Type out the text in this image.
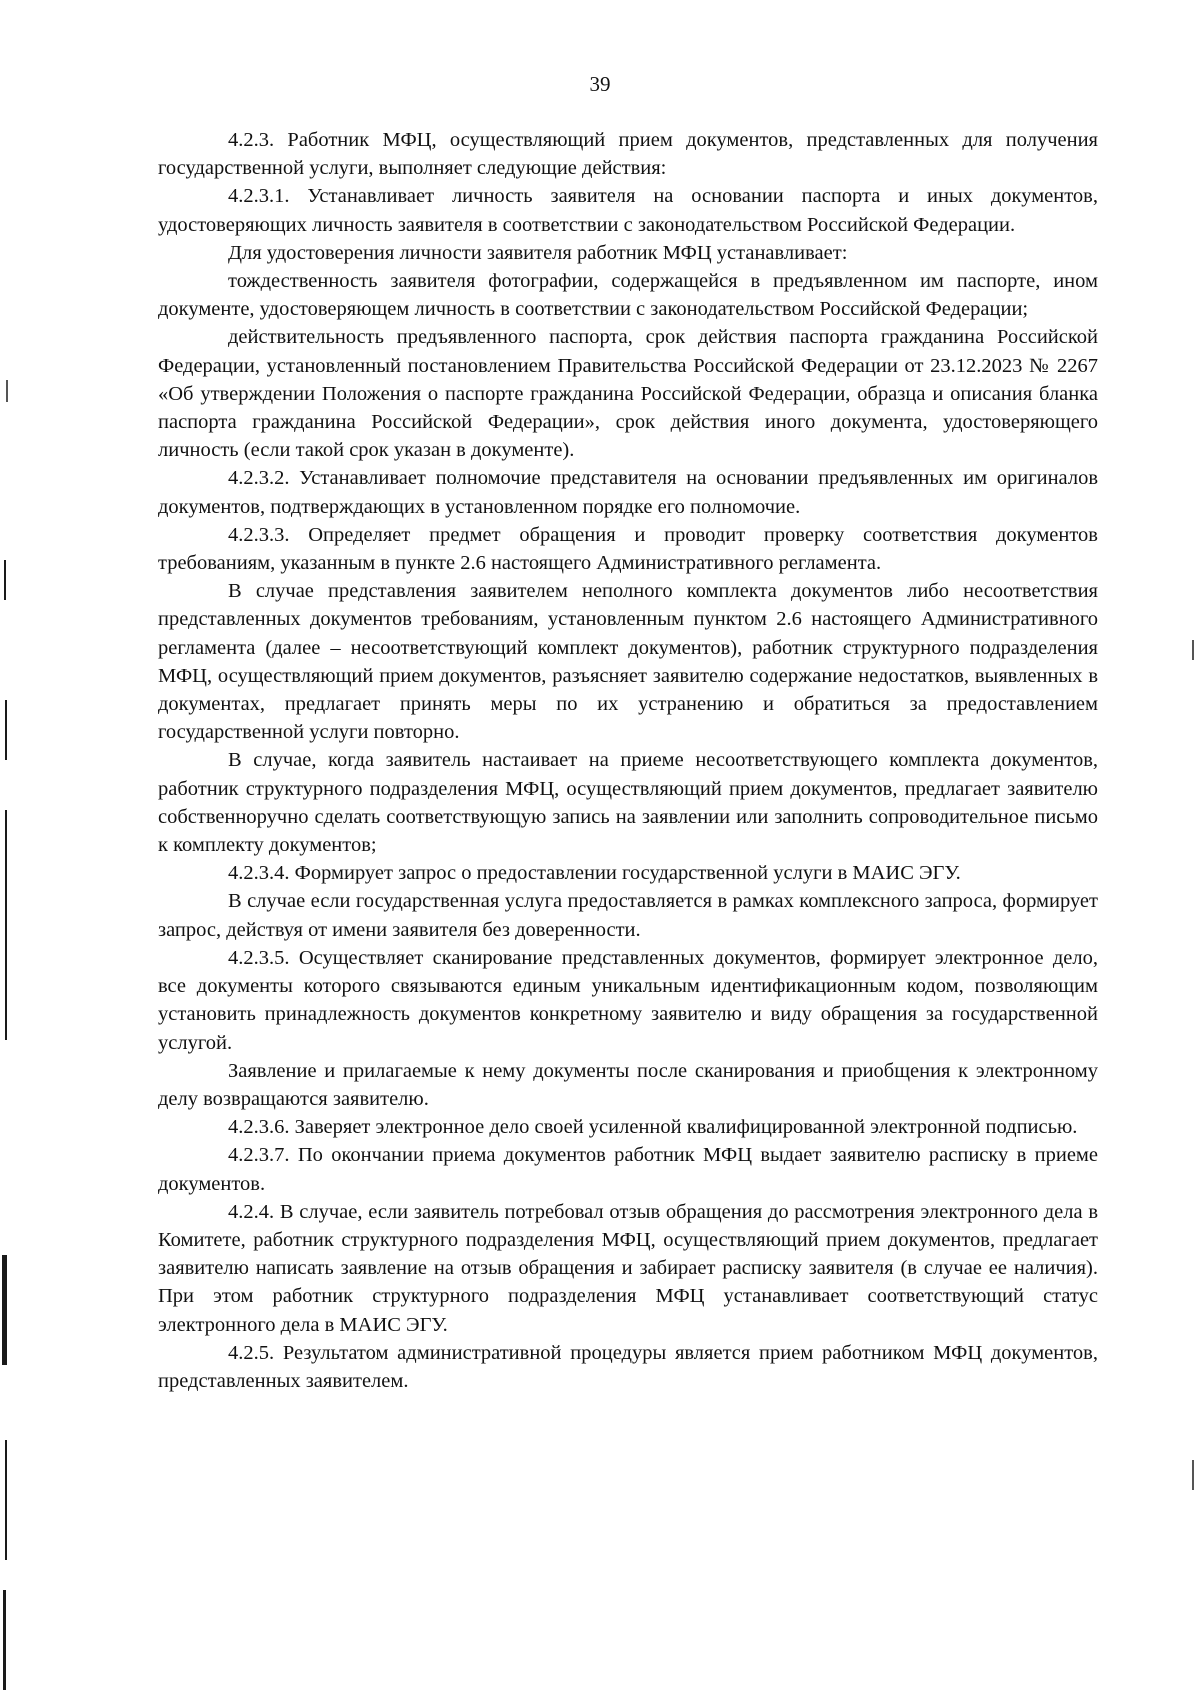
39

4.2.3. Работник МФЦ, осуществляющий прием документов, представленных для получения государственной услуги, выполняет следующие действия:

4.2.3.1. Устанавливает личность заявителя на основании паспорта и иных документов, удостоверяющих личность заявителя в соответствии с законодательством Российской Федерации.

Для удостоверения личности заявителя работник МФЦ устанавливает:

тождественность заявителя фотографии, содержащейся в предъявленном им паспорте, ином документе, удостоверяющем личность в соответствии с законодательством Российской Федерации;

действительность предъявленного паспорта, срок действия паспорта гражданина Российской Федерации, установленный постановлением Правительства Российской Федерации от 23.12.2023 № 2267 «Об утверждении Положения о паспорте гражданина Российской Федерации, образца и описания бланка паспорта гражданина Российской Федерации», срок действия иного документа, удостоверяющего личность (если такой срок указан в документе).

4.2.3.2. Устанавливает полномочие представителя на основании предъявленных им оригиналов документов, подтверждающих в установленном порядке его полномочие.

4.2.3.3. Определяет предмет обращения и проводит проверку соответствия документов требованиям, указанным в пункте 2.6 настоящего Административного регламента.

В случае представления заявителем неполного комплекта документов либо несоответствия представленных документов требованиям, установленным пунктом 2.6 настоящего Административного регламента (далее – несоответствующий комплект документов), работник структурного подразделения МФЦ, осуществляющий прием документов, разъясняет заявителю содержание недостатков, выявленных в документах, предлагает принять меры по их устранению и обратиться за предоставлением государственной услуги повторно.

В случае, когда заявитель настаивает на приеме несоответствующего комплекта документов, работник структурного подразделения МФЦ, осуществляющий прием документов, предлагает заявителю собственноручно сделать соответствующую запись на заявлении или заполнить сопроводительное письмо к комплекту документов;

4.2.3.4. Формирует запрос о предоставлении государственной услуги в МАИС ЭГУ.

В случае если государственная услуга предоставляется в рамках комплексного запроса, формирует запрос, действуя от имени заявителя без доверенности.

4.2.3.5. Осуществляет сканирование представленных документов, формирует электронное дело, все документы которого связываются единым уникальным идентификационным кодом, позволяющим установить принадлежность документов конкретному заявителю и виду обращения за государственной услугой.

Заявление и прилагаемые к нему документы после сканирования и приобщения к электронному делу возвращаются заявителю.

4.2.3.6. Заверяет электронное дело своей усиленной квалифицированной электронной подписью.

4.2.3.7. По окончании приема документов работник МФЦ выдает заявителю расписку в приеме документов.

4.2.4. В случае, если заявитель потребовал отзыв обращения до рассмотрения электронного дела в Комитете, работник структурного подразделения МФЦ, осуществляющий прием документов, предлагает заявителю написать заявление на отзыв обращения и забирает расписку заявителя (в случае ее наличия). При этом работник структурного подразделения МФЦ устанавливает соответствующий статус электронного дела в МАИС ЭГУ.

4.2.5. Результатом административной процедуры является прием работником МФЦ документов, представленных заявителем.
